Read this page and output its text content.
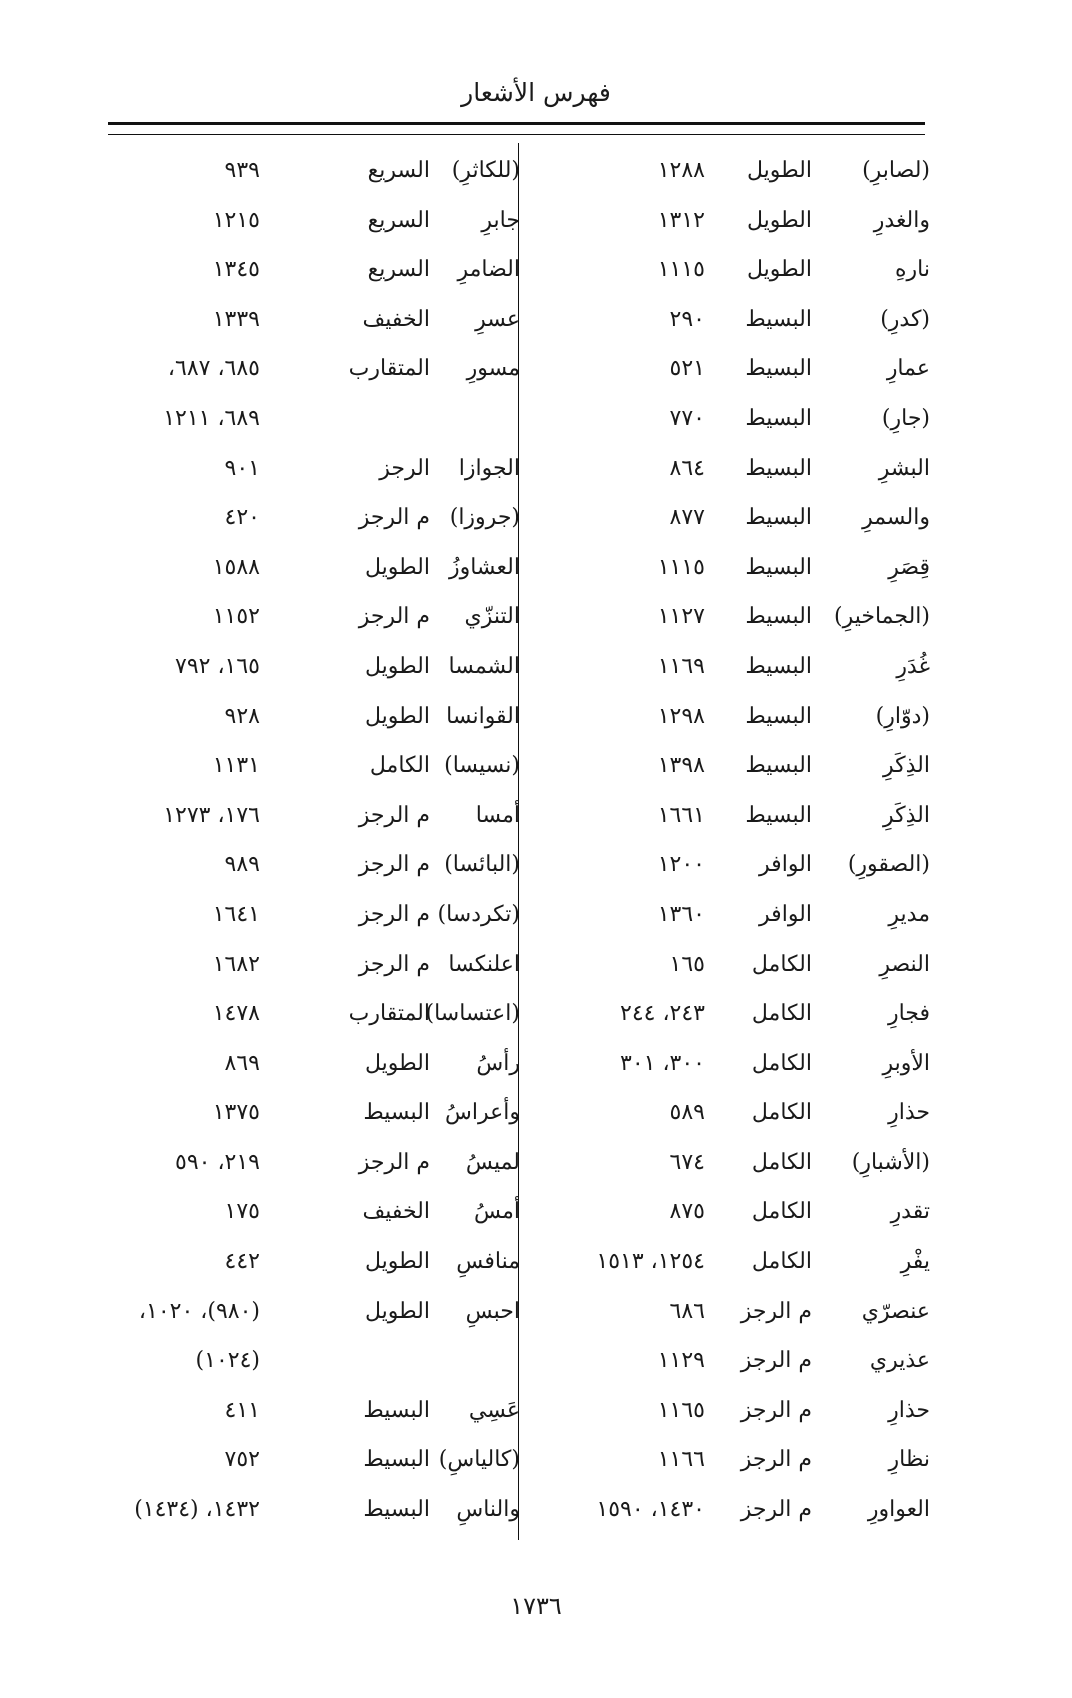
فهرس الأشعار
(لصابرِ)
الطويل
١٢٨٨
والغدرِ
الطويل
١٣١٢
نارهِ
الطويل
١١١٥
(كدرِ)
البسيط
٢٩٠
عمارِ
البسيط
٥٢١
(جارِ)
البسيط
٧٧٠
البشرِ
البسيط
٨٦٤
والسمرِ
البسيط
٨٧٧
قِصَرِ
البسيط
١١١٥
(الجماخيرِ)
البسيط
١١٢٧
غُدَرِ
البسيط
١١٦٩
(دوّارِ)
البسيط
١٢٩٨
الذِكَرِ
البسيط
١٣٩٨
الذِكَرِ
البسيط
١٦٦١
(الصقورِ)
الوافر
١٢٠٠
مديرِ
الوافر
١٣٦٠
النصرِ
الكامل
١٦٥
فجارِ
الكامل
٢٤٣، ٢٤٤
الأوبرِ
الكامل
٣٠٠، ٣٠١
حذارِ
الكامل
٥٨٩
(الأشبارِ)
الكامل
٦٧٤
تقدرِ
الكامل
٨٧٥
يفْرِ
الكامل
١٢٥٤، ١٥١٣
عنصرّي
م الرجز
٦٨٦
عذيري
م الرجز
١١٢٩
حذارِ
م الرجز
١١٦٥
نظارِ
م الرجز
١١٦٦
العواورِ
م الرجز
١٤٣٠، ١٥٩٠
(للكاثرِ)
السريع
٩٣٩
جابرِ
السريع
١٢١٥
الضامرِ
السريع
١٣٤٥
عسرِ
الخفيف
١٣٣٩
مسورِ
المتقارب
٦٨٥، ٦٨٧،
٦٨٩، ١٢١١
الجوازا
الرجز
٩٠١
(جروزا)
م الرجز
٤٢٠
العشاوزُ
الطويل
١٥٨٨
التنزّي
م الرجز
١١٥٢
الشمسا
الطويل
١٦٥، ٧٩٢
القوانسا
الطويل
٩٢٨
(نسيسا)
الكامل
١١٣١
أمسا
م الرجز
١٧٦، ١٢٧٣
(البائسا)
م الرجز
٩٨٩
(تكردسا)
م الرجز
١٦٤١
اعلنكسا
م الرجز
١٦٨٢
(اعتساسا)
المتقارب
١٤٧٨
رأسُ
الطويل
٨٦٩
وأعراسُ
البسيط
١٣٧٥
لميسُ
م الرجز
٢١٩، ٥٩٠
أمسُ
الخفيف
١٧٥
منافسِ
الطويل
٤٤٢
احبسِ
الطويل
(٩٨٠)، ١٠٢٠،
(١٠٢٤)
عَسِي
البسيط
٤١١
(كالياسِ)
البسيط
٧٥٢
والناسِ
البسيط
١٤٣٢، (١٤٣٤)
١٧٣٦
